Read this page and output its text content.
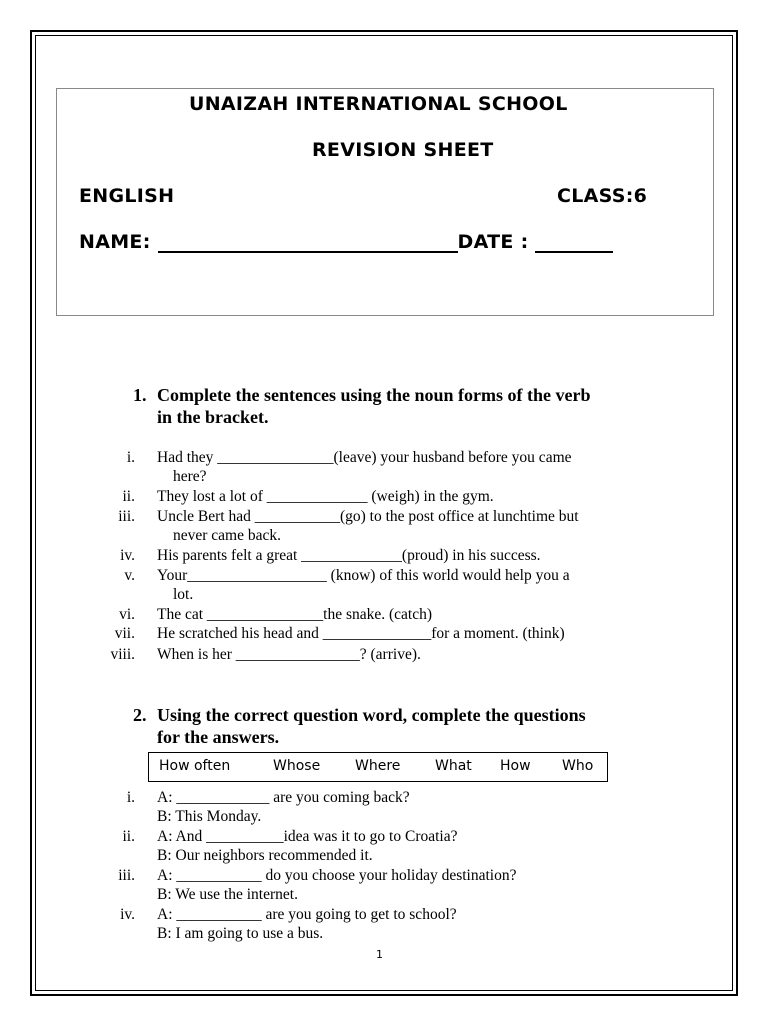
UNAIZAH INTERNATIONAL SCHOOL
REVISION SHEET
ENGLISH	CLASS:6
NAME:	DATE :
1. Complete the sentences using the noun forms of the verb
in the bracket.
i. Had they _______________(leave) your husband before you came
here?
ii. They lost a lot of _____________ (weigh) in the gym.
iii. Uncle Bert had ___________(go) to the post office at lunchtime but
never came back.
iv. His parents felt a great _____________(proud) in his success.
v. Your__________________ (know) of this world would help you a
lot.
vi. The cat _______________the snake. (catch)
vii. He scratched his head and ______________for a moment. (think)
viii. When is her ________________? (arrive).
2. Using the correct question word, complete the questions
for the answers.
How often	Whose Where What How Who
i. A: ____________ are you coming back?
B: This Monday.
ii. A: And __________idea was it to go to Croatia?
B: Our neighbors recommended it.
iii. A: ___________ do you choose your holiday destination?
B: We use the internet.
iv. A: ___________ are you going to get to school?
B: I am going to use a bus.
1
